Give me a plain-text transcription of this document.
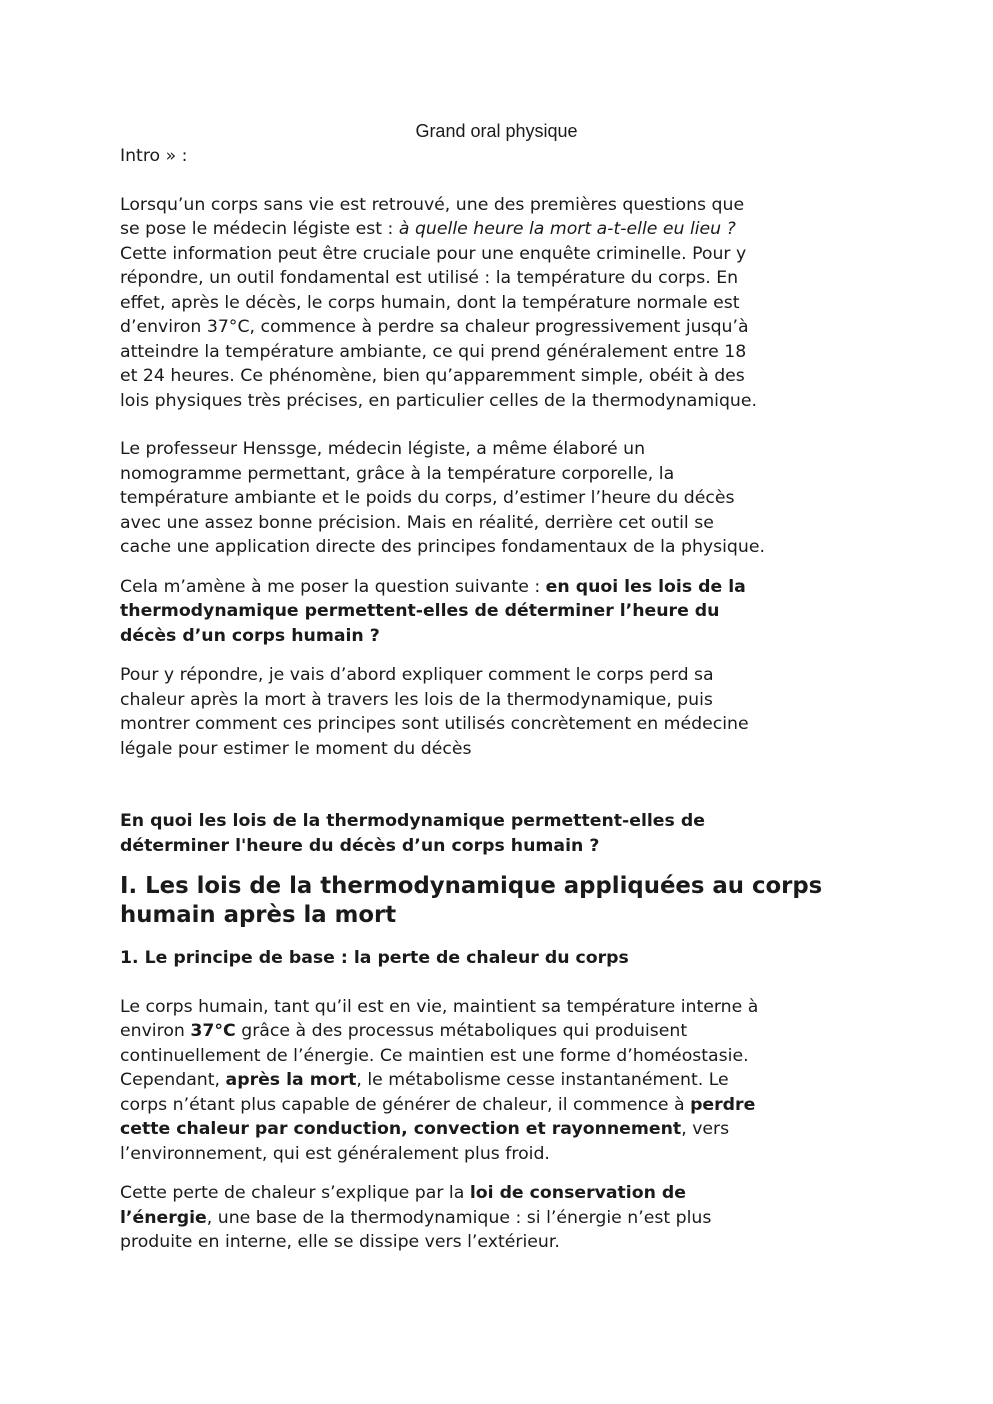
Grand oral physique

Intro » :

Lorsqu’un corps sans vie est retrouvé, une des premières questions que
se pose le médecin légiste est : à quelle heure la mort a-t-elle eu lieu ?
Cette information peut être cruciale pour une enquête criminelle. Pour y
répondre, un outil fondamental est utilisé : la température du corps. En
effet, après le décès, le corps humain, dont la température normale est
d’environ 37°C, commence à perdre sa chaleur progressivement jusqu’à
atteindre la température ambiante, ce qui prend généralement entre 18
et 24 heures. Ce phénomène, bien qu’apparemment simple, obéit à des
lois physiques très précises, en particulier celles de la thermodynamique.

Le professeur Henssge, médecin légiste, a même élaboré un
nomogramme permettant, grâce à la température corporelle, la
température ambiante et le poids du corps, d’estimer l’heure du décès
avec une assez bonne précision. Mais en réalité, derrière cet outil se
cache une application directe des principes fondamentaux de la physique.

Cela m’amène à me poser la question suivante : en quoi les lois de la
thermodynamique permettent-elles de déterminer l’heure du
décès d’un corps humain ?

Pour y répondre, je vais d’abord expliquer comment le corps perd sa
chaleur après la mort à travers les lois de la thermodynamique, puis
montrer comment ces principes sont utilisés concrètement en médecine
légale pour estimer le moment du décès

En quoi les lois de la thermodynamique permettent-elles de
déterminer l'heure du décès d’un corps humain ?

I. Les lois de la thermodynamique appliquées au corps
humain après la mort

1. Le principe de base : la perte de chaleur du corps

Le corps humain, tant qu’il est en vie, maintient sa température interne à
environ 37°C grâce à des processus métaboliques qui produisent
continuellement de l’énergie. Ce maintien est une forme d’homéostasie.
Cependant, après la mort, le métabolisme cesse instantanément. Le
corps n’étant plus capable de générer de chaleur, il commence à perdre
cette chaleur par conduction, convection et rayonnement, vers
l’environnement, qui est généralement plus froid.

Cette perte de chaleur s’explique par la loi de conservation de
l’énergie, une base de la thermodynamique : si l’énergie n’est plus
produite en interne, elle se dissipe vers l’extérieur.
